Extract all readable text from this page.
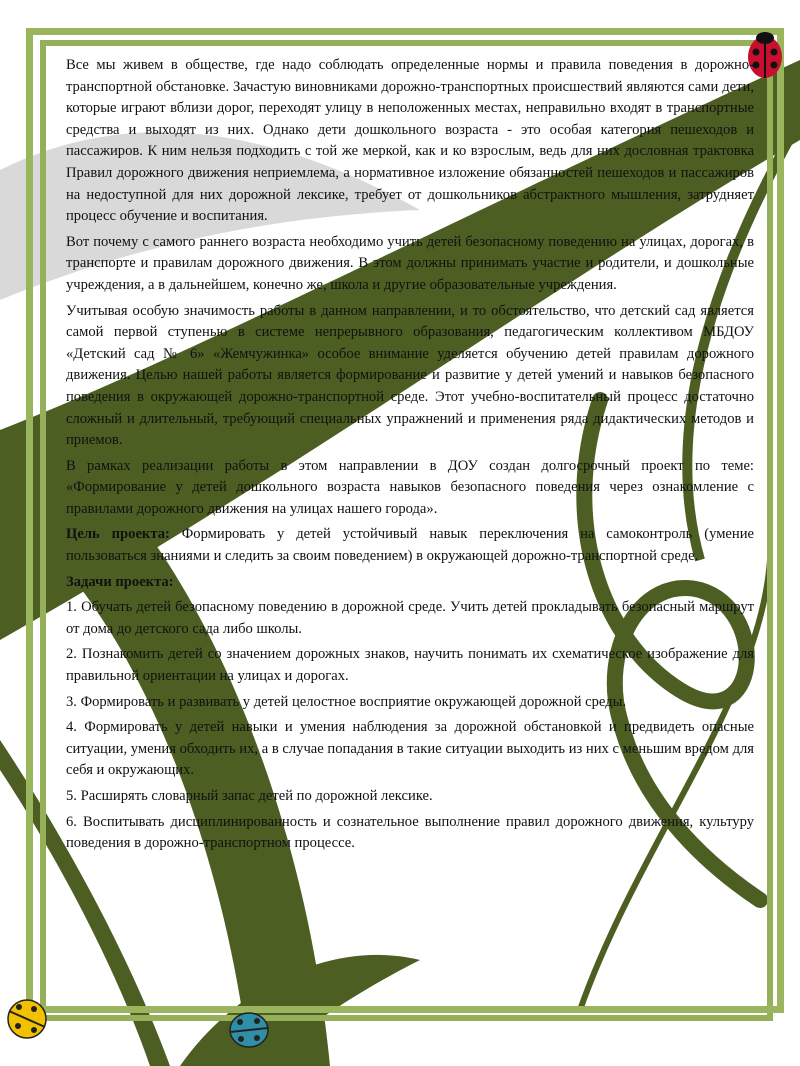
Все мы живем в обществе, где надо соблюдать определенные нормы и правила поведения в дорожно-транспортной обстановке. Зачастую виновниками дорожно-транспортных происшествий являются сами дети, которые играют вблизи дорог, переходят улицу в неположенных местах, неправильно входят в транспортные средства и выходят из них. Однако дети дошкольного возраста - это особая категория пешеходов и пассажиров. К ним нельзя подходить с той же меркой, как и ко взрослым, ведь для них дословная трактовка Правил дорожного движения неприемлема, а нормативное изложение обязанностей пешеходов и пассажиров на недоступной для них дорожной лексике, требует от дошкольников абстрактного мышления, затрудняет процесс обучение и воспитания.

Вот почему с самого раннего возраста необходимо учить детей безопасному поведению на улицах, дорогах, в транспорте и правилам дорожного движения. В этом должны принимать участие и родители, и дошкольные учреждения, а в дальнейшем, конечно же, школа и другие образовательные учреждения.

Учитывая особую значимость работы в данном направлении, и то обстоятельство, что детский сад является самой первой ступенью в системе непрерывного образования, педагогическим коллективом МБДОУ «Детский сад № 6» «Жемчужинка» особое внимание уделяется обучению детей правилам дорожного движения. Целью нашей работы является формирование и развитие у детей умений и навыков безопасного поведения в окружающей дорожно-транспортной среде. Этот учебно-воспитательный процесс достаточно сложный и длительный, требующий специальных упражнений и применения ряда дидактических методов и приемов.

В рамках реализации работы в этом направлении в ДОУ создан долгосрочный проект по теме: «Формирование у детей дошкольного возраста навыков безопасного поведения через ознакомление с правилами дорожного движения на улицах нашего города».

Цель проекта: Формировать у детей устойчивый навык переключения на самоконтроль (умение пользоваться знаниями и следить за своим поведением) в окружающей дорожно-транспортной среде.

Задачи проекта:

1. Обучать детей безопасному поведению в дорожной среде. Учить детей прокладывать безопасный маршрут от дома до детского сада либо школы.

2. Познакомить детей со значением дорожных знаков, научить понимать их схематическое изображение для правильной ориентации на улицах и дорогах.

3. Формировать и развивать у детей целостное восприятие окружающей дорожной среды.

4. Формировать у детей навыки и умения наблюдения за дорожной обстановкой и предвидеть опасные ситуации, умения обходить их, а в случае попадания в такие ситуации выходить из них с меньшим вредом для себя и окружающих.

5. Расширять словарный запас детей по дорожной лексике.

6. Воспитывать дисциплинированность и сознательное выполнение правил дорожного движения, культуру поведения в дорожно-транспортном процессе.
